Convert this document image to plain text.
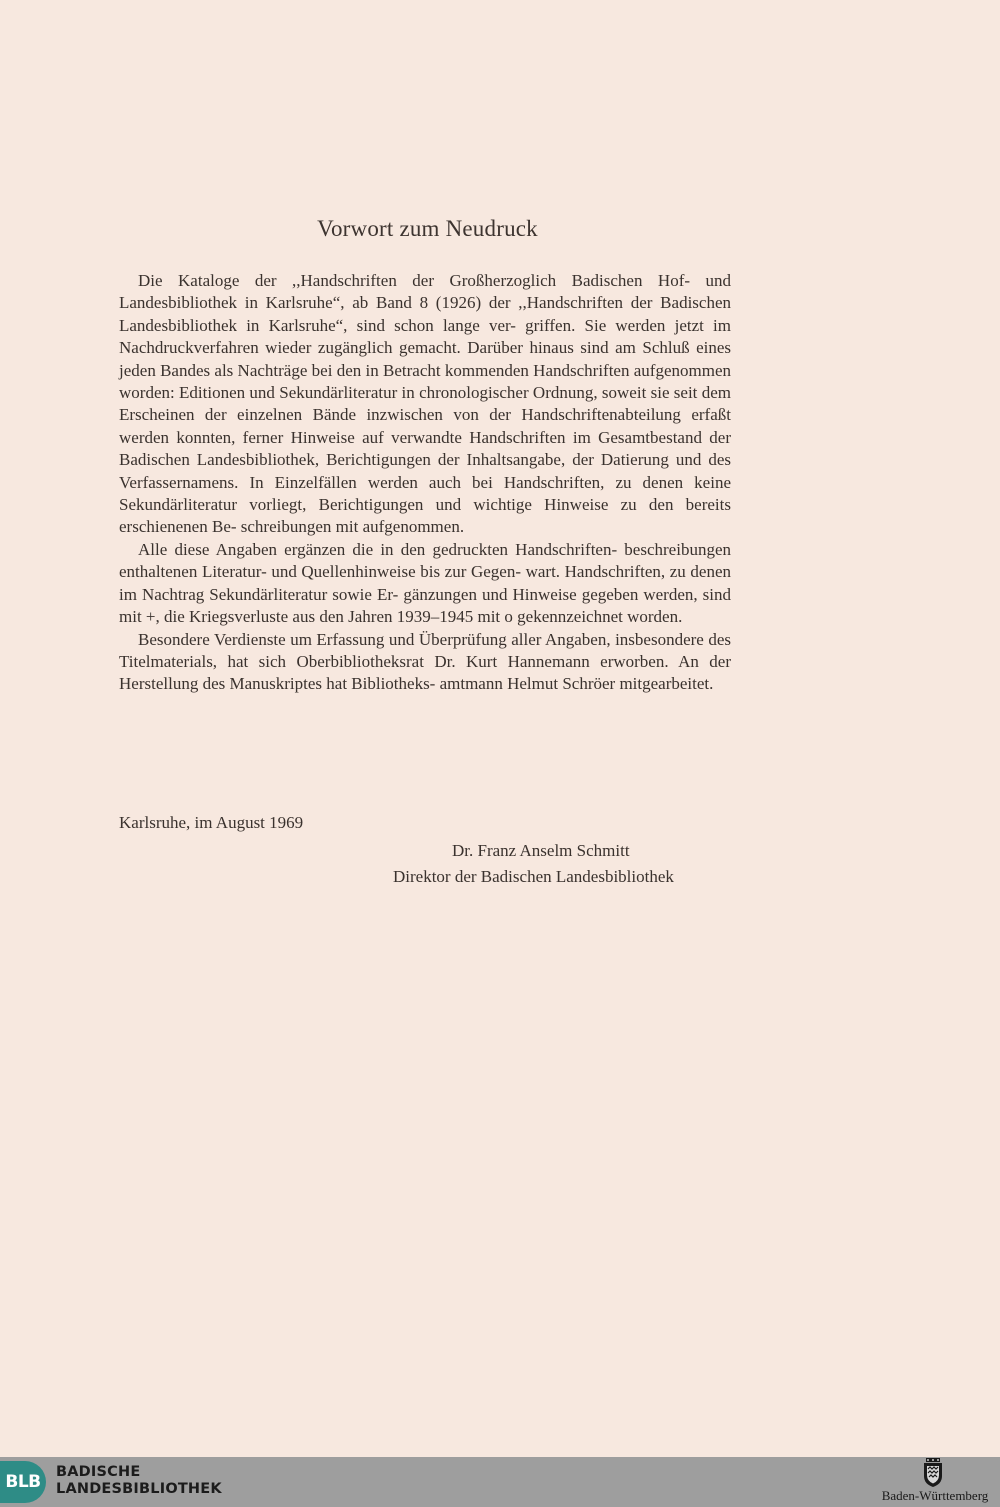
Vorwort zum Neudruck

Die Kataloge der ,,Handschriften der Großherzoglich Badischen Hof- und Landesbibliothek in Karlsruhe“, ab Band 8 (1926) der ,,Handschriften der Badischen Landesbibliothek in Karlsruhe“, sind schon lange ver- griffen. Sie werden jetzt im Nachdruckverfahren wieder zugänglich gemacht. Darüber hinaus sind am Schluß eines jeden Bandes als Nachträge bei den in Betracht kommenden Handschriften aufgenommen worden: Editionen und Sekundärliteratur in chronologischer Ordnung, soweit sie seit dem Erscheinen der einzelnen Bände inzwischen von der Handschriftenabteilung erfaßt werden konnten, ferner Hinweise auf verwandte Handschriften im Gesamtbestand der Badischen Landesbibliothek, Berichtigungen der Inhaltsangabe, der Datierung und des Verfassernamens. In Einzelfällen werden auch bei Handschriften, zu denen keine Sekundärliteratur vorliegt, Berichtigungen und wichtige Hinweise zu den bereits erschienenen Be- schreibungen mit aufgenommen.

Alle diese Angaben ergänzen die in den gedruckten Handschriften- beschreibungen enthaltenen Literatur- und Quellenhinweise bis zur Gegen- wart. Handschriften, zu denen im Nachtrag Sekundärliteratur sowie Er- gänzungen und Hinweise gegeben werden, sind mit +, die Kriegsverluste aus den Jahren 1939–1945 mit o gekennzeichnet worden.

Besondere Verdienste um Erfassung und Überprüfung aller Angaben, insbesondere des Titelmaterials, hat sich Oberbibliotheksrat Dr. Kurt Hannemann erworben. An der Herstellung des Manuskriptes hat Bibliotheks- amtmann Helmut Schröer mitgearbeitet.

Karlsruhe, im August 1969
Dr. Franz Anselm Schmitt
Direktor der Badischen Landesbibliothek
BLB	BADISCHE
LANDESBIBLIOTHEK	Baden-Württemberg
